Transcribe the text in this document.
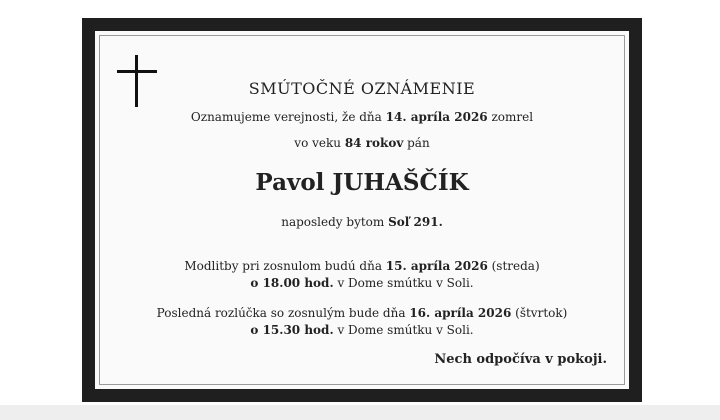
SMÚTOČNÉ OZNÁMENIE
Oznamujeme verejnosti, že dňa 14. apríla 2026 zomrel
vo veku 84 rokov pán
Pavol JUHAŠČÍK
naposledy bytom Soľ 291.
Modlitby pri zosnulom budú dňa 15. apríla 2026 (streda)
o 18.00 hod. v Dome smútku v Soli.
Posledná rozlúčka so zosnulým bude dňa 16. apríla 2026 (štvrtok)
o 15.30 hod. v Dome smútku v Soli.
Nech odpočíva v pokoji.
